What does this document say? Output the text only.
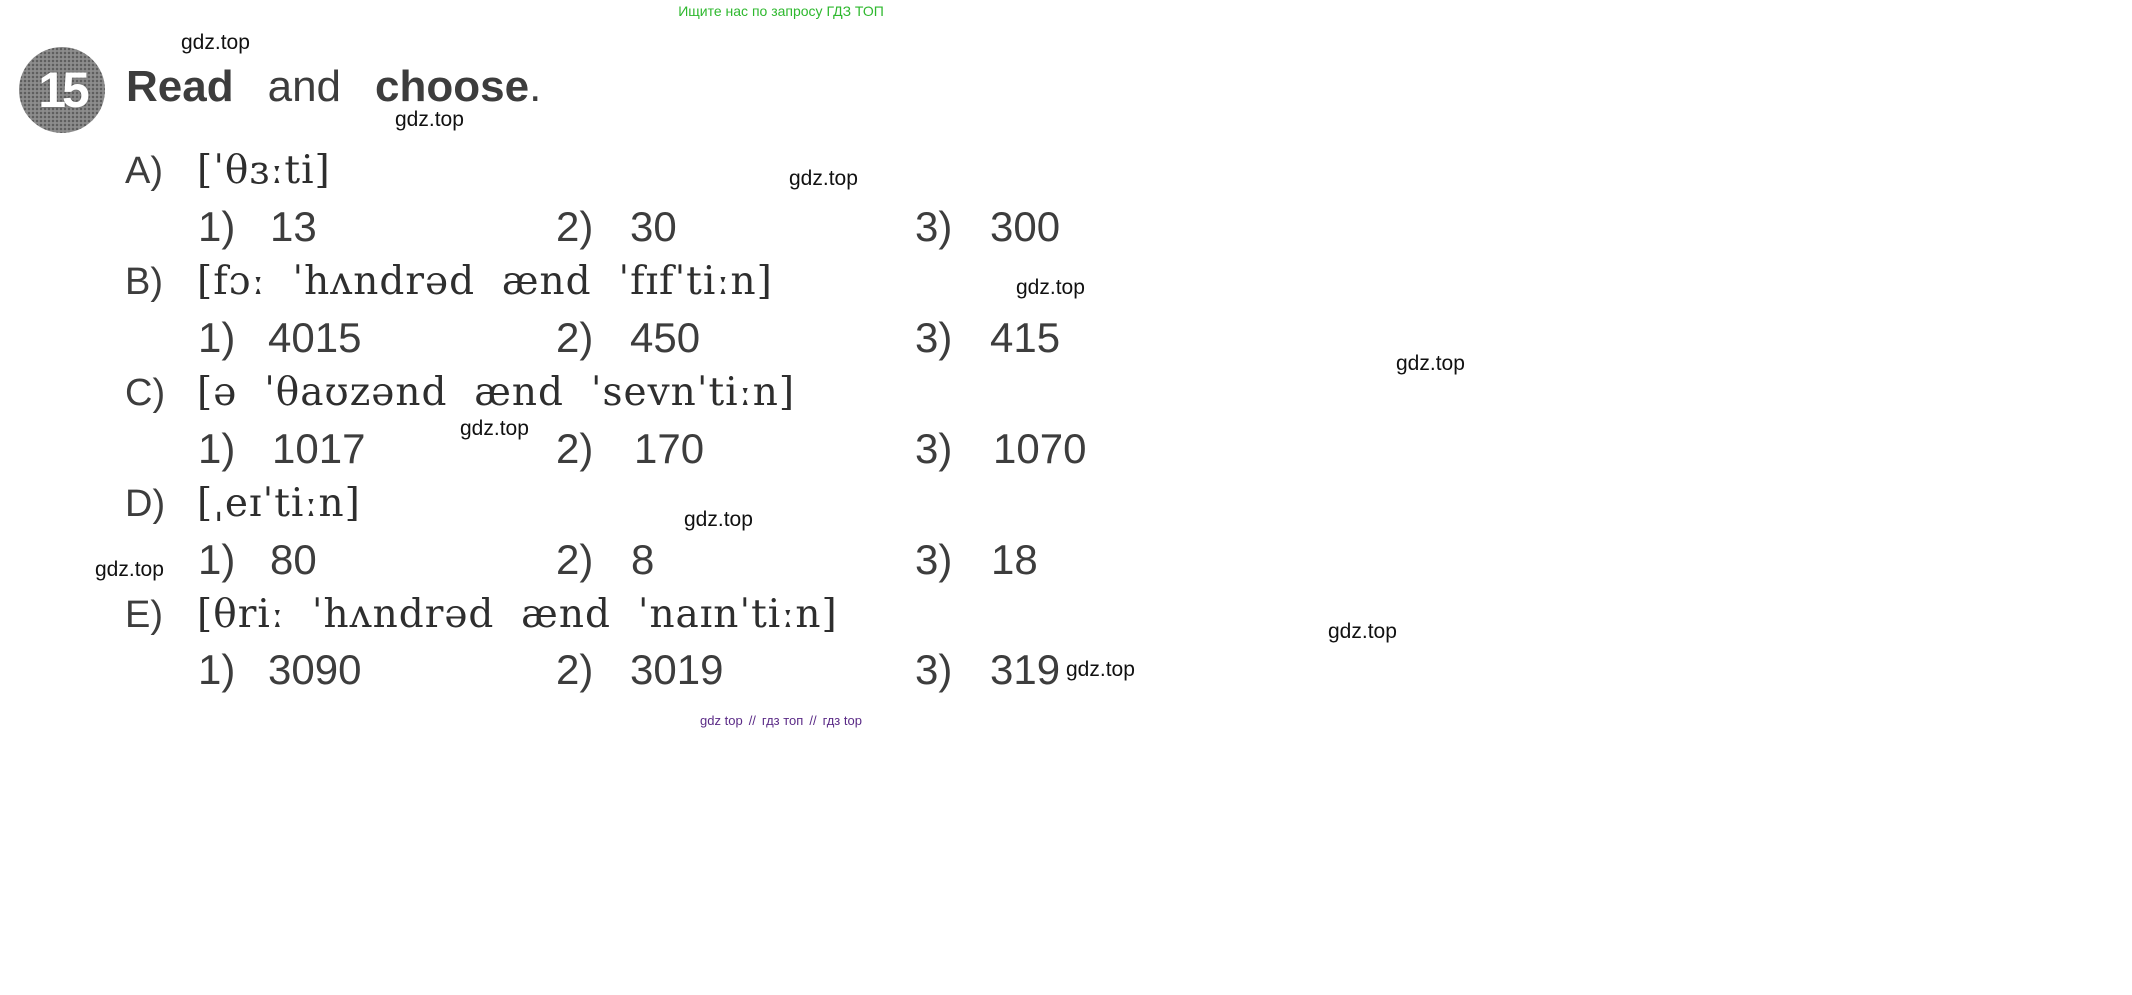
Ищите нас по запросу ГДЗ ТОП
15 Read and choose.
A) [ˈθɜːti]
1) 13	2) 30	3) 300
B) [fɔː  ˈhʌndrəd  ænd  ˈfɪfˈtiːn]
1) 4015	2) 450	3) 415
C) [ə  ˈθaʊzənd  ænd  ˈsevnˈtiːn]
1) 1017	2) 170	3) 1070
D) [ˌeɪˈtiːn]
1) 80	2) 8	3) 18
E) [θriː  ˈhʌndrəd  ænd  ˈnaɪnˈtiːn]
1) 3090	2) 3019	3) 319
gdz.top
gdz.top
gdz.top
gdz.top
gdz.top
gdz.top
gdz.top
gdz.top
gdz.top
gdz.top
gdz top // гдз топ // гдз top
